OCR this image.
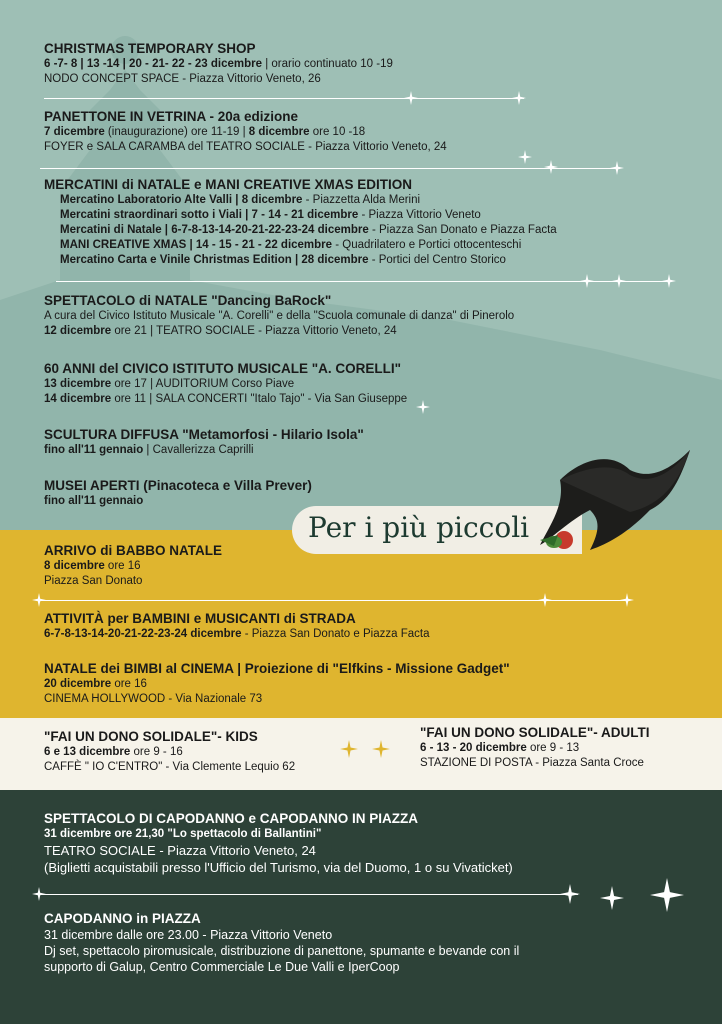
CHRISTMAS TEMPORARY SHOP
6 -7- 8 | 13 -14 | 20 - 21- 22 - 23 dicembre | orario continuato 10 -19
NODO CONCEPT SPACE - Piazza Vittorio Veneto, 26
PANETTONE IN VETRINA - 20a edizione
7 dicembre (inaugurazione) ore 11-19 | 8 dicembre ore 10 -18
FOYER e SALA CARAMBA del TEATRO SOCIALE - Piazza Vittorio Veneto, 24
MERCATINI di NATALE e MANI CREATIVE XMAS EDITION
Mercatino Laboratorio Alte Valli | 8 dicembre - Piazzetta Alda Merini
Mercatini straordinari sotto i Viali | 7 - 14 - 21 dicembre - Piazza Vittorio Veneto
Mercatini di Natale | 6-7-8-13-14-20-21-22-23-24 dicembre - Piazza San Donato e Piazza Facta
MANI CREATIVE XMAS | 14 - 15 - 21 - 22 dicembre - Quadrilatero e Portici ottocenteschi
Mercatino Carta e Vinile Christmas Edition | 28 dicembre - Portici del Centro Storico
SPETTACOLO di NATALE "Dancing BaRock"
A cura del Civico Istituto Musicale "A. Corelli" e della "Scuola comunale di danza" di Pinerolo
12 dicembre ore 21 | TEATRO SOCIALE - Piazza Vittorio Veneto, 24
60 ANNI del CIVICO ISTITUTO MUSICALE "A. CORELLI"
13 dicembre ore 17 | AUDITORIUM Corso Piave
14 dicembre ore 11 | SALA CONCERTI "Italo Tajo" - Via San Giuseppe
SCULTURA DIFFUSA "Metamorfosi - Hilario Isola"
fino all'11 gennaio | Cavallerizza Caprilli
MUSEI APERTI (Pinacoteca e Villa Prever)
fino all'11 gennaio
ARRIVO di BABBO NATALE
8 dicembre ore 16
Piazza San Donato
ATTIVITÀ per BAMBINI e MUSICANTI di STRADA
6-7-8-13-14-20-21-22-23-24 dicembre - Piazza San Donato e Piazza Facta
NATALE dei BIMBI al CINEMA | Proiezione di "Elfkins - Missione Gadget"
20 dicembre ore 16
CINEMA HOLLYWOOD - Via Nazionale 73
Per i più piccoli
"FAI UN DONO SOLIDALE"- KIDS
6 e 13 dicembre ore 9 - 16
CAFFÈ " IO C'ENTRO" - Via Clemente Lequio 62
"FAI UN DONO SOLIDALE"- ADULTI
6 - 13 - 20 dicembre ore 9 - 13
STAZIONE DI POSTA - Piazza Santa Croce
SPETTACOLO DI CAPODANNO e CAPODANNO IN PIAZZA
31 dicembre ore 21,30 "Lo spettacolo di Ballantini"
TEATRO SOCIALE - Piazza Vittorio Veneto, 24
(Biglietti acquistabili presso l'Ufficio del Turismo, via del Duomo, 1 o su Vivaticket)
CAPODANNO in PIAZZA
31 dicembre dalle ore 23.00 - Piazza Vittorio Veneto
Dj set, spettacolo piromusicale, distribuzione di panettone, spumante e bevande con il
supporto di Galup, Centro Commerciale Le Due Valli e IperCoop
